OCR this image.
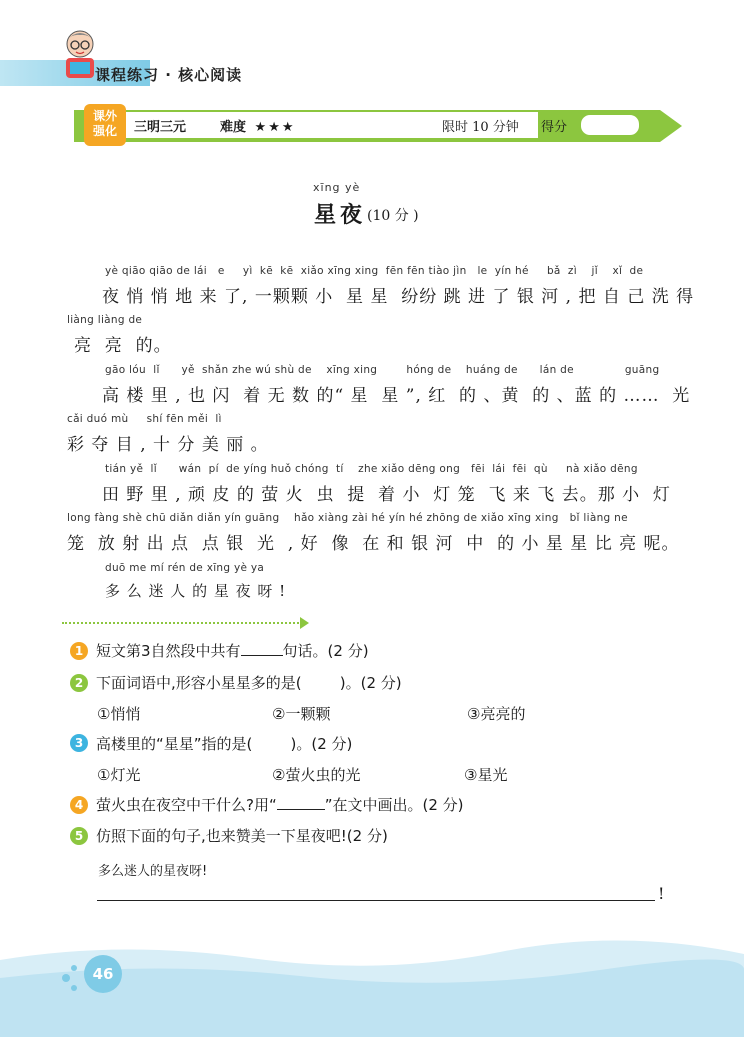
课程练习 · 核心阅读
课外
强化	三明三元	难度 ★★★	限时 10 分钟 得分
xīng yè
星夜 (10 分 )
yè qiāo qiāo de lái   e     yì  kē  kē  xiǎo xīng xing  fēn fēn tiào jìn   le  yín hé     bǎ  zì    jǐ    xǐ  de
夜 悄 悄 地 来 了, 一颗颗 小  星 星  纷纷 跳 进 了 银 河 , 把 自 己 洗 得
liàng liàng de
亮  亮  的。
gāo lóu  lǐ      yě  shǎn zhe wú shù de    xīng xing        hóng de    huáng de      lán de              guāng
高 楼 里 , 也 闪  着 无 数 的“ 星  星 ”, 红  的 、黄  的 、蓝 的 ……  光
cǎi duó mù     shí fēn měi  lì
彩 夺 目 , 十 分 美 丽 。
tián yě  lǐ      wán  pí  de yíng huǒ chóng  tí    zhe xiǎo dēng ong   fēi  lái  fēi  qù     nà xiǎo dēng
田 野 里 , 顽 皮 的 萤 火  虫  提  着 小  灯 笼  飞 来 飞 去。那 小  灯
long fàng shè chū diǎn diǎn yín guāng    hǎo xiàng zài hé yín hé zhōng de xiǎo xīng xing   bǐ liàng ne
笼  放 射 出 点  点 银  光  , 好  像  在 和 银 河  中  的 小 星 星 比 亮 呢。
duō me mí rén de xīng yè ya
多 么 迷 人 的 星 夜 呀 !
1 短文第3自然段中共有	句话。(2 分)
2 下面词语中,形容小星星多的是(        )。(2 分)
①悄悄	②一颗颗	③亮亮的
3 高楼里的“星星”指的是(        )。(2 分)
①灯光	②萤火虫的光	③星光
4 萤火虫在夜空中干什么?用“	”在文中画出。(2 分)
5 仿照下面的句子,也来赞美一下星夜吧!(2 分)
多么迷人的星夜呀!
!
46
